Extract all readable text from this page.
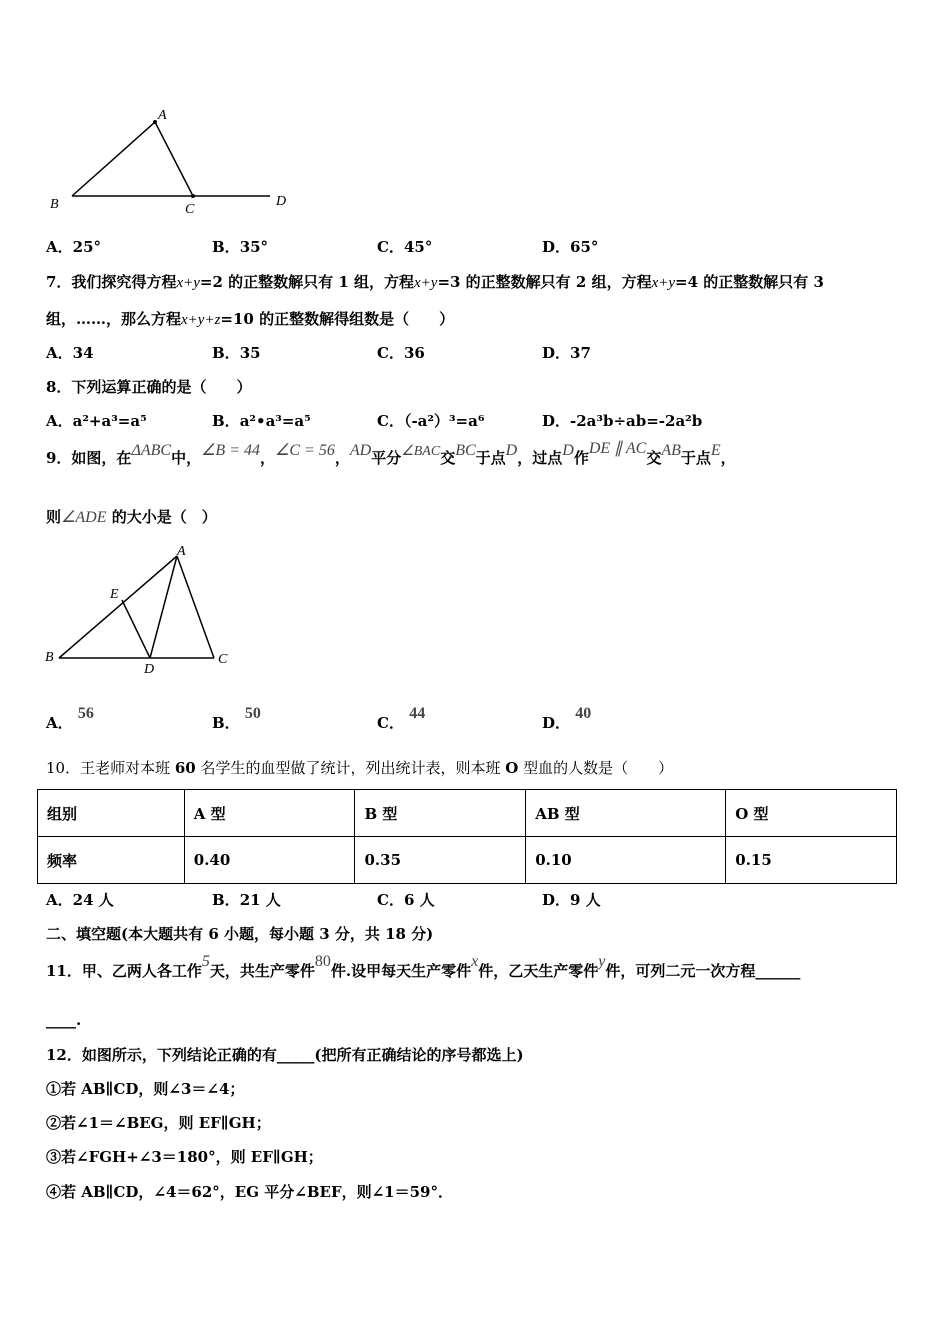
A
B	C
D
A．25°	B．35°	C．45°	D．65°
7．我们探究得方程x+y=2 的正整数解只有 1 组，方程x+y=3 的正整数解只有 2 组，方程x+y=4 的正整数解只有 3
组，……，那么方程x+y+z=10 的正整数解得组数是（　　）
A．34	B．35	C．36	D．37
8．下列运算正确的是（　　）
A．a²+a³=a⁵	B．a²•a³=a⁵	C．（-a²）³=a⁶	D．-2a³b÷ab=-2a²b
9．如图，在ΔABC中，∠B = 44，∠C = 56，AD平分∠BAC交BC于点D，过点D作DE ∥ AC交AB于点E，
则∠ADE 的大小是（　）
A
E
B
D
C
A． 56
B． 50
C． 44
D． 40
10．王老师对本班 60 名学生的血型做了统计，列出统计表，则本班 O 型血的人数是（　　）
组别	A 型	B 型	AB 型	O 型
频率	0.40	0.35	0.10	0.15
A．24 人	B．21 人	C．6 人	D．9 人
二、填空题(本大题共有 6 小题，每小题 3 分，共 18 分)
11．甲、乙两人各工作5天，共生产零件80件.设甲每天生产零件x件，乙天生产零件y件，可列二元一次方程______
____.
12．如图所示，下列结论正确的有_____(把所有正确结论的序号都选上)
①若 AB∥CD，则∠3＝∠4；
②若∠1＝∠BEG，则 EF∥GH；
③若∠FGH+∠3＝180°，则 EF∥GH；
④若 AB∥CD，∠4＝62°，EG 平分∠BEF，则∠1＝59°．
